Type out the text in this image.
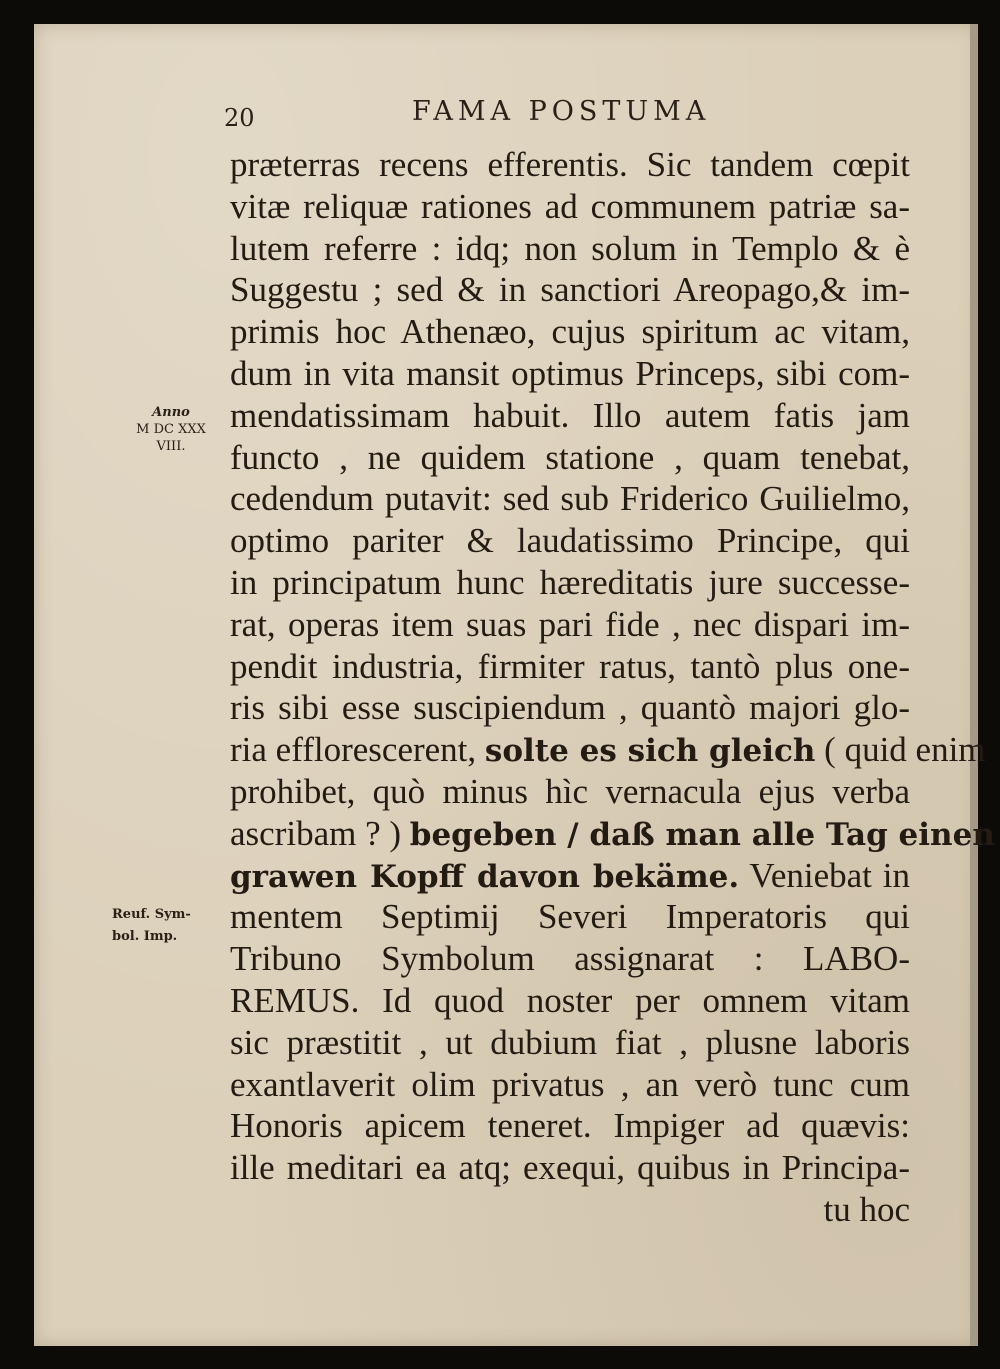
20	FAMA POSTUMA
Anno
M DC XXX
VIII.
Reuf. Sym-
bol. Imp.
præterras recens efferentis. Sic tandem cœpit
vitæ reliquæ rationes ad communem patriæ sa-
lutem referre : idq; non solum in Templo & è
Suggestu ; sed & in sanctiori Areopago,& im-
primis hoc Athenæo, cujus spiritum ac vitam,
dum in vita mansit optimus Princeps, sibi com-
mendatissimam habuit. Illo autem fatis jam
functo , ne quidem statione , quam tenebat,
cedendum putavit: sed sub Friderico Guilielmo,
optimo pariter & laudatissimo Principe, qui
in principatum hunc hæreditatis jure successe-
rat, operas item suas pari fide , nec dispari im-
pendit industria, firmiter ratus, tantò plus one-
ris sibi esse suscipiendum , quantò majori glo-
ria efflorescerent, solte es sich gleich ( quid enim
prohibet, quò minus hìc vernacula ejus verba
ascribam ? ) begeben / daß man alle Tag einen
grawen Kopff davon bekäme. Veniebat in
mentem Septimij Severi Imperatoris qui
Tribuno Symbolum assignarat : LABO-
REMUS. Id quod noster per omnem vitam
sic præstitit , ut dubium fiat , plusne laboris
exantlaverit olim privatus , an verò tunc cum
Honoris apicem teneret. Impiger ad quævis:
ille meditari ea atq; exequi, quibus in Principa-
tu hoc
